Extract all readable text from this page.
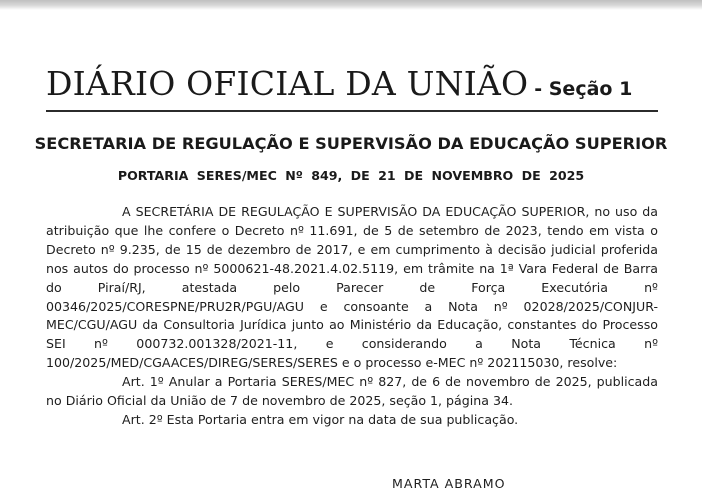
DIÁRIO OFICIAL DA UNIÃO - Seção 1
SECRETARIA DE REGULAÇÃO E SUPERVISÃO DA EDUCAÇÃO SUPERIOR
PORTARIA SERES/MEC Nº 849, DE 21 DE NOVEMBRO DE 2025

A SECRETÁRIA DE REGULAÇÃO E SUPERVISÃO DA EDUCAÇÃO SUPERIOR, no uso da atribuição que lhe confere o Decreto nº 11.691, de 5 de setembro de 2023, tendo em vista o Decreto nº 9.235, de 15 de dezembro de 2017, e em cumprimento à decisão judicial proferida nos autos do processo nº 5000621-48.2021.4.02.5119, em trâmite na 1ª Vara Federal de Barra do Piraí/RJ, atestada pelo Parecer de Força Executória nº 00346/2025/CORESPNE/PRU2R/PGU/AGU e consoante a Nota nº 02028/2025/CONJUR-MEC/CGU/AGU da Consultoria Jurídica junto ao Ministério da Educação, constantes do Processo SEI nº 000732.001328/2021-11, e considerando a Nota Técnica nº 100/2025/MED/CGAACES/DIREG/SERES/SERES e o processo e-MEC nº 202115030, resolve:

Art. 1º Anular a Portaria SERES/MEC nº 827, de 6 de novembro de 2025, publicada no Diário Oficial da União de 7 de novembro de 2025, seção 1, página 34.

Art. 2º Esta Portaria entra em vigor na data de sua publicação.

MARTA ABRAMO
